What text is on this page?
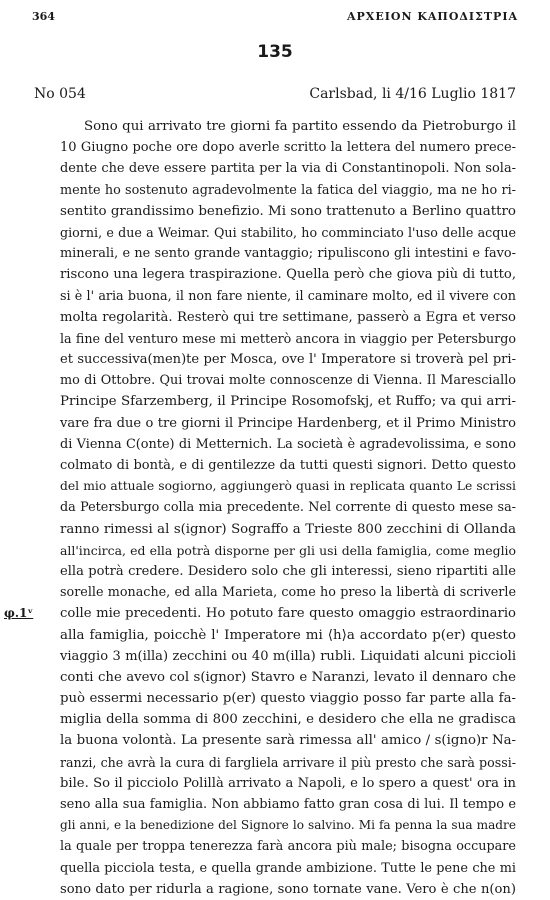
364	ΑΡΧΕΙΟΝ ΚΑΠΟΔΙΣΤΡΙΑ
135
No 054	Carlsbad, li 4/16 Luglio 1817
φ.1ᵛ
Sono qui arrivato tre giorni fa partito essendo da Pietroburgo il
10 Giugno poche ore dopo averle scritto la lettera del numero prece-
dente che deve essere partita per la via di Constantinopoli. Non sola-
mente ho sostenuto agradevolmente la fatica del viaggio, ma ne ho ri-
sentito grandissimo benefizio. Mi sono trattenuto a Berlino quattro
giorni, e due a Weimar. Qui stabilito, ho comminciato l'uso delle acque
minerali, e ne sento grande vantaggio; ripuliscono gli intestini e favo-
riscono una legera traspirazione. Quella però che giova più di tutto,
si è l' aria buona, il non fare niente, il caminare molto, ed il vivere con
molta regolarità. Resterò qui tre settimane, passerò a Egra et verso
la fine del venturo mese mi metterò ancora in viaggio per Petersburgo
et successiva(men)te per Mosca, ove l' Imperatore si troverà pel pri-
mo di Ottobre. Qui trovai molte connoscenze di Vienna. Il Maresciallo
Principe Sfarzemberg, il Principe Rosomofskj, et Ruffo; va qui arri-
vare fra due o tre giorni il Principe Hardenberg, et il Primo Ministro
di Vienna C(onte) di Metternich. La società è agradevolissima, e sono
colmato di bontà, e di gentilezze da tutti questi signori. Detto questo
del mio attuale sogiorno, aggiungerò quasi in replicata quanto Le scrissi
da Petersburgo colla mia precedente. Nel corrente di questo mese sa-
ranno rimessi al s(ignor) Sograffo a Trieste 800 zecchini di Ollanda
all'incirca, ed ella potrà disporne per gli usi della famiglia, come meglio
ella potrà credere. Desidero solo che gli interessi, sieno ripartiti alle
sorelle monache, ed alla Marieta, come ho preso la libertà di scriverle
colle mie precedenti. Ho potuto fare questo omaggio estraordinario
alla famiglia, poicchè l' Imperatore mi ⟨h⟩a accordato p(er) questo
viaggio 3 m(illa) zecchini ou 40 m(illa) rubli. Liquidati alcuni piccioli
conti che avevo col s(ignor) Stavro e Naranzi, levato il dennaro che
può essermi necessario p(er) questo viaggio posso far parte alla fa-
miglia della somma di 800 zecchini, e desidero che ella ne gradisca
la buona volontà. La presente sarà rimessa all' amico / s(igno)r Na-
ranzi, che avrà la cura di fargliela arrivare il più presto che sarà possi-
bile. So il picciolo Polillà arrivato a Napoli, e lo spero a quest' ora in
seno alla sua famiglia. Non abbiamo fatto gran cosa di lui. Il tempo e
gli anni, e la benedizione del Signore lo salvino. Mi fa penna la sua madre
la quale per troppa tenerezza farà ancora più male; bisogna occupare
quella picciola testa, e quella grande ambizione. Tutte le pene che mi
sono dato per ridurla a ragione, sono tornate vane. Vero è che n(on)
